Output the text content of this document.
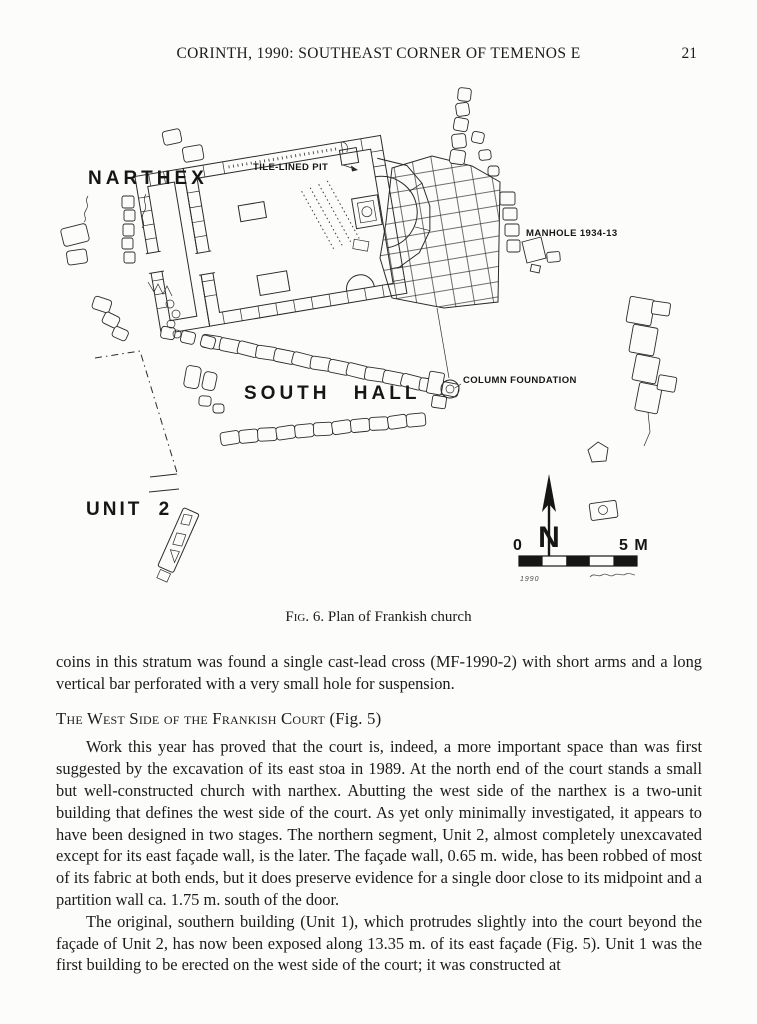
CORINTH, 1990: SOUTHEAST CORNER OF TEMENOS E	21
N
0	5 M
1990
NARTHEX
SOUTH HALL
UNIT 2
TILE-LINED PIT
MANHOLE 1934-13
COLUMN FOUNDATION
Fig. 6. Plan of Frankish church

coins in this stratum was found a single cast-lead cross (MF-1990-2) with short arms and a long vertical bar perforated with a very small hole for suspension.

The West Side of the Frankish Court (Fig. 5)

Work this year has proved that the court is, indeed, a more important space than was first suggested by the excavation of its east stoa in 1989. At the north end of the court stands a small but well-constructed church with narthex. Abutting the west side of the narthex is a two-unit building that defines the west side of the court. As yet only minimally investigated, it appears to have been designed in two stages. The northern segment, Unit 2, almost completely unexcavated except for its east façade wall, is the later. The façade wall, 0.65 m. wide, has been robbed of most of its fabric at both ends, but it does preserve evidence for a single door close to its midpoint and a partition wall ca. 1.75 m. south of the door.

The original, southern building (Unit 1), which protrudes slightly into the court beyond the façade of Unit 2, has now been exposed along 13.35 m. of its east façade (Fig. 5). Unit 1 was the first building to be erected on the west side of the court; it was constructed at
